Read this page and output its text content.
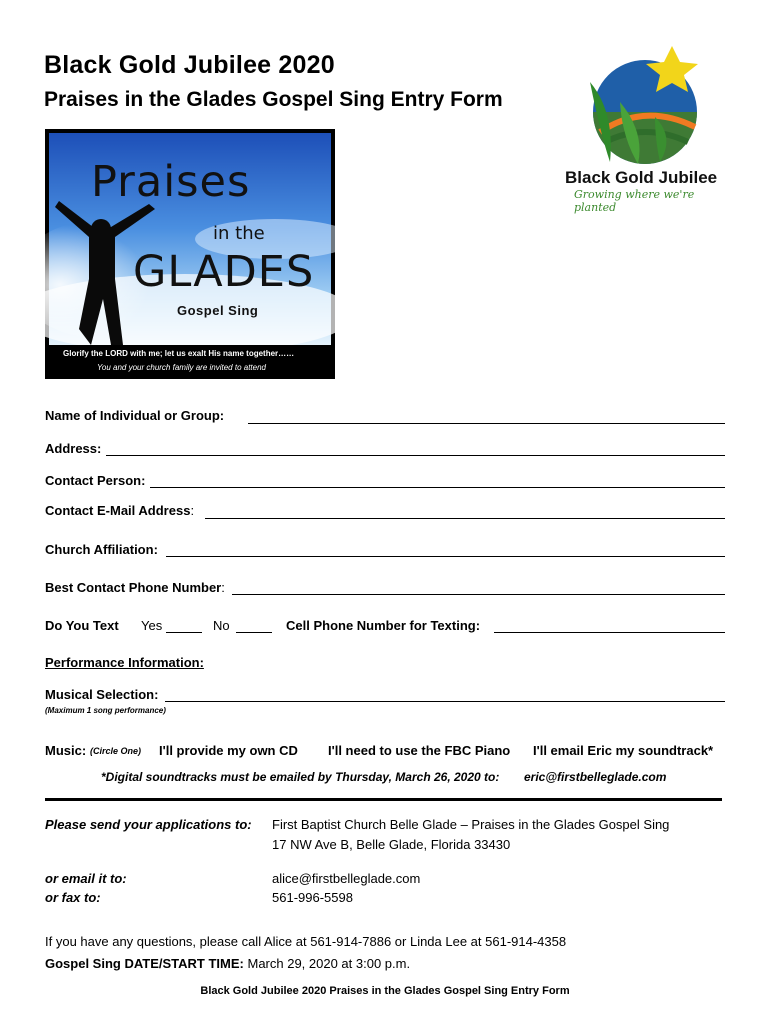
Black Gold Jubilee 2020
Praises in the Glades Gospel Sing Entry Form
Praises
in the
GLADES
Gospel Sing
Glorify the LORD with me; let us exalt His name together……
You and your church family are invited to attend
Black Gold Jubilee
Growing where we're planted
Name of Individual or Group:
Address:
Contact Person:
Contact E-Mail Address:
Church Affiliation:
Best Contact Phone Number:
Do You Text Yes	No	Cell Phone Number for Texting:
Performance Information:
Musical Selection:
(Maximum 1 song performance)
Music: (Circle One) I'll provide my own CD I'll need to use the FBC Piano I'll email Eric my soundtrack*
*Digital soundtracks must be emailed by Thursday, March 26, 2020 to: eric@firstbelleglade.com
Please send your applications to: First Baptist Church Belle Glade – Praises in the Glades Gospel Sing
17 NW Ave B, Belle Glade, Florida 33430
or email it to:	alice@firstbelleglade.com
or fax to:	561-996-5598
If you have any questions, please call Alice at 561-914-7886 or Linda Lee at 561-914-4358
Gospel Sing DATE/START TIME: March 29, 2020 at 3:00 p.m.
Black Gold Jubilee 2020 Praises in the Glades Gospel Sing Entry Form
